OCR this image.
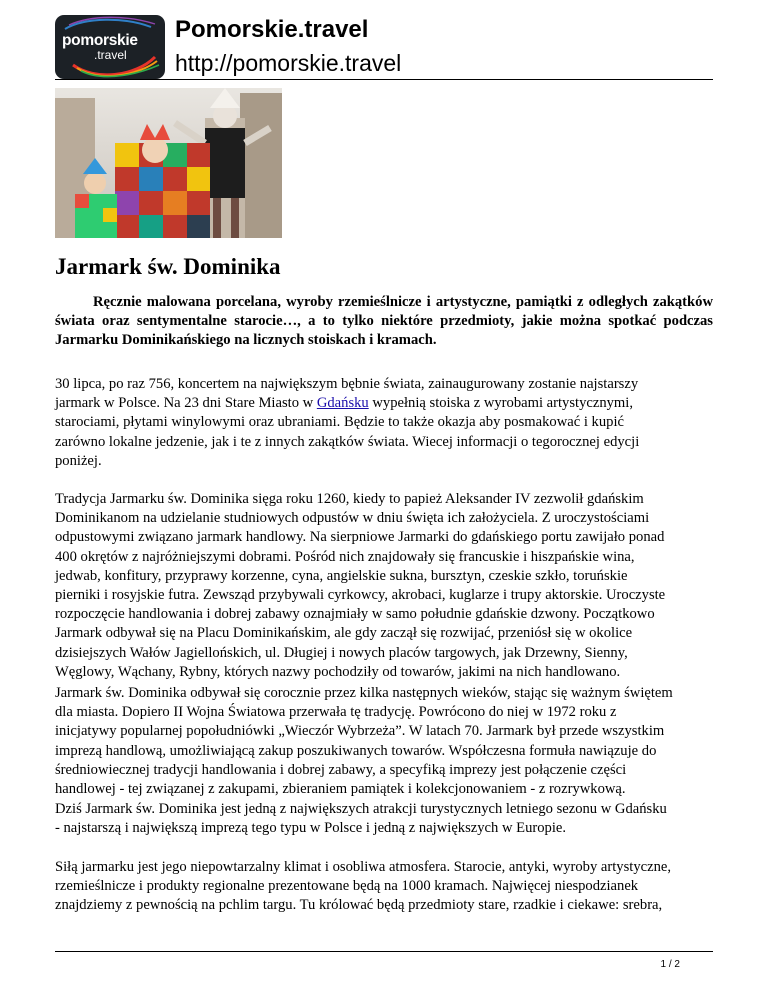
pomorskie
.travel
Pomorskie.travel
http://pomorskie.travel
Jarmark św. Dominika

Ręcznie malowana porcelana, wyroby rzemieślnicze i artystyczne, pamiątki z odległych zakątków świata oraz sentymentalne starocie…, a to tylko niektóre przedmioty, jakie można spotkać podczas Jarmarku Dominikańskiego na licznych stoiskach i kramach.

30 lipca, po raz 756, koncertem na największym bębnie świata, zainaugurowany zostanie najstarszy
jarmark w Polsce. Na 23 dni Stare Miasto w Gdańsku wypełnią stoiska z wyrobami artystycznymi,
starociami, płytami winylowymi oraz ubraniami. Będzie to także okazja aby posmakować i kupić
zarówno lokalne jedzenie, jak i te z innych zakątków świata. Wiecej informacji o tegorocznej edycji
poniżej.
Tradycja Jarmarku św. Dominika sięga roku 1260, kiedy to papież Aleksander IV zezwolił gdańskim
Dominikanom na udzielanie studniowych odpustów w dniu święta ich założyciela. Z uroczystościami
odpustowymi związano jarmark handlowy. Na sierpniowe Jarmarki do gdańskiego portu zawijało ponad
400 okrętów z najróżniejszymi dobrami. Pośród nich znajdowały się francuskie i hiszpańskie wina,
jedwab, konfitury, przyprawy korzenne, cyna, angielskie sukna, bursztyn, czeskie szkło, toruńskie
pierniki i rosyjskie futra. Zewsząd przybywali cyrkowcy, akrobaci, kuglarze i trupy aktorskie. Uroczyste
rozpoczęcie handlowania i dobrej zabawy oznajmiały w samo południe gdańskie dzwony. Początkowo
Jarmark odbywał się na Placu Dominikańskim, ale gdy zaczął się rozwijać, przeniósł się w okolice
dzisiejszych Wałów Jagiellońskich, ul. Długiej i nowych placów targowych, jak Drzewny, Sienny,
Węglowy, Wąchany, Rybny, których nazwy pochodziły od towarów, jakimi na nich handlowano.
Jarmark św. Dominika odbywał się corocznie przez kilka następnych wieków, stając się ważnym świętem
dla miasta. Dopiero II Wojna Światowa przerwała tę tradycję. Powrócono do niej w 1972 roku z
inicjatywy popularnej popołudniówki „Wieczór Wybrzeża”. W latach 70. Jarmark był przede wszystkim
imprezą handlową, umożliwiającą zakup poszukiwanych towarów. Współczesna formuła nawiązuje do
średniowiecznej tradycji handlowania i dobrej zabawy, a specyfiką imprezy jest połączenie części
handlowej - tej związanej z zakupami, zbieraniem pamiątek i kolekcjonowaniem - z rozrywkową.
Dziś Jarmark św. Dominika jest jedną z największych atrakcji turystycznych letniego sezonu w Gdańsku
- najstarszą i największą imprezą tego typu w Polsce i jedną z największych w Europie.
Siłą jarmarku jest jego niepowtarzalny klimat i osobliwa atmosfera. Starocie, antyki, wyroby artystyczne,
rzemieślnicze i produkty regionalne prezentowane będą na 1000 kramach. Najwięcej niespodzianek
znajdziemy z pewnością na pchlim targu. Tu królować będą przedmioty stare, rzadkie i ciekawe: srebra,
1 / 2
